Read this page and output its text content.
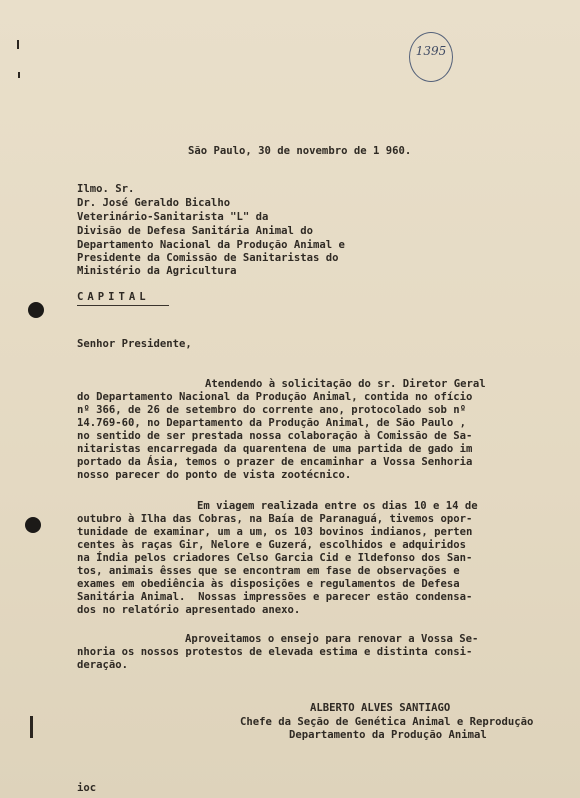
1395
São Paulo, 30 de novembro de 1 960.
Ilmo. Sr.
Dr. José Geraldo Bicalho
Veterinário-Sanitarista "L" da
Divisão de Defesa Sanitária Animal do
Departamento Nacional da Produção Animal e
Presidente da Comissão de Sanitaristas do
Ministério da Agricultura
CAPITAL
Senhor Presidente,
Atendendo à solicitação do sr. Diretor Geral
do Departamento Nacional da Produção Animal, contida no ofício
nº 366, de 26 de setembro do corrente ano, protocolado sob nº
14.769-60, no Departamento da Produção Animal, de São Paulo ,
no sentido de ser prestada nossa colaboração à Comissão de Sa-
nitaristas encarregada da quarentena de uma partida de gado im
portado da Ásia, temos o prazer de encaminhar a Vossa Senhoria
nosso parecer do ponto de vista zootécnico.
Em viagem realizada entre os dias 10 e 14 de
outubro à Ilha das Cobras, na Baía de Paranaguá, tivemos opor-
tunidade de examinar, um a um, os 103 bovinos indianos, perten
centes às raças Gir, Nelore e Guzerá, escolhidos e adquiridos
na Índia pelos criadores Celso Garcia Cid e Ildefonso dos San-
tos, animais êsses que se encontram em fase de observações e
exames em obediência às disposições e regulamentos de Defesa
Sanitária Animal.  Nossas impressões e parecer estão condensa-
dos no relatório apresentado anexo.
Aproveitamos o ensejo para renovar a Vossa Se-
nhoria os nossos protestos de elevada estima e distinta consi-
deração.
ALBERTO ALVES SANTIAGO
Chefe da Seção de Genética Animal e Reprodução
Departamento da Produção Animal
ioc
